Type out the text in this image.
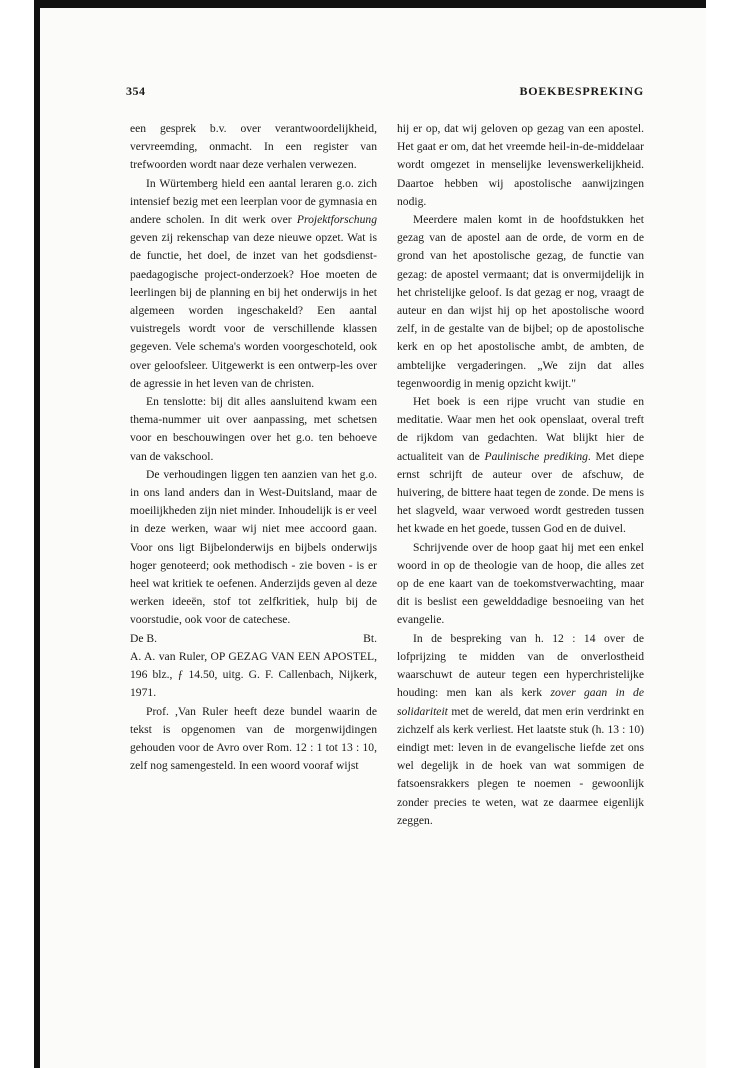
354	BOEKBESPREKING

een gesprek b.v. over verantwoordelijkheid, vervreemding, onmacht. In een register van trefwoorden wordt naar deze verhalen verwezen.

In Würtemberg hield een aantal leraren g.o. zich intensief bezig met een leerplan voor de gymnasia en andere scholen. In dit werk over Projektforschung geven zij rekenschap van deze nieuwe opzet. Wat is de functie, het doel, de inzet van het godsdienst-paedagogische project-onderzoek? Hoe moeten de leerlingen bij de planning en bij het onderwijs in het algemeen worden ingeschakeld? Een aantal vuistregels wordt voor de verschillende klassen gegeven. Vele schema's worden voorgeschoteld, ook over geloofsleer. Uitgewerkt is een ontwerp-les over de agressie in het leven van de christen.

En tenslotte: bij dit alles aansluitend kwam een thema-nummer uit over aanpassing, met schetsen voor en beschouwingen over het g.o. ten behoeve van de vakschool.

De verhoudingen liggen ten aanzien van het g.o. in ons land anders dan in West-Duitsland, maar de moeilijkheden zijn niet minder. Inhoudelijk is er veel in deze werken, waar wij niet mee accoord gaan. Voor ons ligt Bijbelonderwijs en bijbels onderwijs hoger genoteerd; ook methodisch - zie boven - is er heel wat kritiek te oefenen. Anderzijds geven al deze werken ideeën, stof tot zelfkritiek, hulp bij de voorstudie, ook voor de catechese.

De B.	Bt.

A. A. van Ruler, OP GEZAG VAN EEN APOSTEL, 196 blz., ƒ 14.50, uitg. G. F. Callenbach, Nijkerk, 1971.

Prof. ,Van Ruler heeft deze bundel waarin de tekst is opgenomen van de morgenwijdingen gehouden voor de Avro over Rom. 12 : 1 tot 13 : 10, zelf nog samengesteld. In een woord vooraf wijst

hij er op, dat wij geloven op gezag van een apostel. Het gaat er om, dat het vreemde heil-in-de-middelaar wordt omgezet in menselijke levenswerkelijkheid. Daartoe hebben wij apostolische aanwijzingen nodig.

Meerdere malen komt in de hoofdstukken het gezag van de apostel aan de orde, de vorm en de grond van het apostolische gezag, de functie van gezag: de apostel vermaant; dat is onvermijdelijk in het christelijke geloof. Is dat gezag er nog, vraagt de auteur en dan wijst hij op het apostolische woord zelf, in de gestalte van de bijbel; op de apostolische kerk en op het apostolische ambt, de ambten, de ambtelijke vergaderingen. „We zijn dat alles tegenwoordig in menig opzicht kwijt."

Het boek is een rijpe vrucht van studie en meditatie. Waar men het ook openslaat, overal treft de rijkdom van gedachten. Wat blijkt hier de actualiteit van de Paulinische prediking. Met diepe ernst schrijft de auteur over de afschuw, de huivering, de bittere haat tegen de zonde. De mens is het slagveld, waar verwoed wordt gestreden tussen het kwade en het goede, tussen God en de duivel.

Schrijvende over de hoop gaat hij met een enkel woord in op de theologie van de hoop, die alles zet op de ene kaart van de toekomstverwachting, maar dit is beslist een gewelddadige besnoeiing van het evangelie.

In de bespreking van h. 12 : 14 over de lofprijzing te midden van de onverlostheid waarschuwt de auteur tegen een hyperchristelijke houding: men kan als kerk zover gaan in de solidariteit met de wereld, dat men erin verdrinkt en zichzelf als kerk verliest. Het laatste stuk (h. 13 : 10) eindigt met: leven in de evangelische liefde zet ons wel degelijk in de hoek van wat sommigen de fatsoensrakkers plegen te noemen - gewoonlijk zonder precies te weten, wat ze daarmee eigenlijk zeggen.
